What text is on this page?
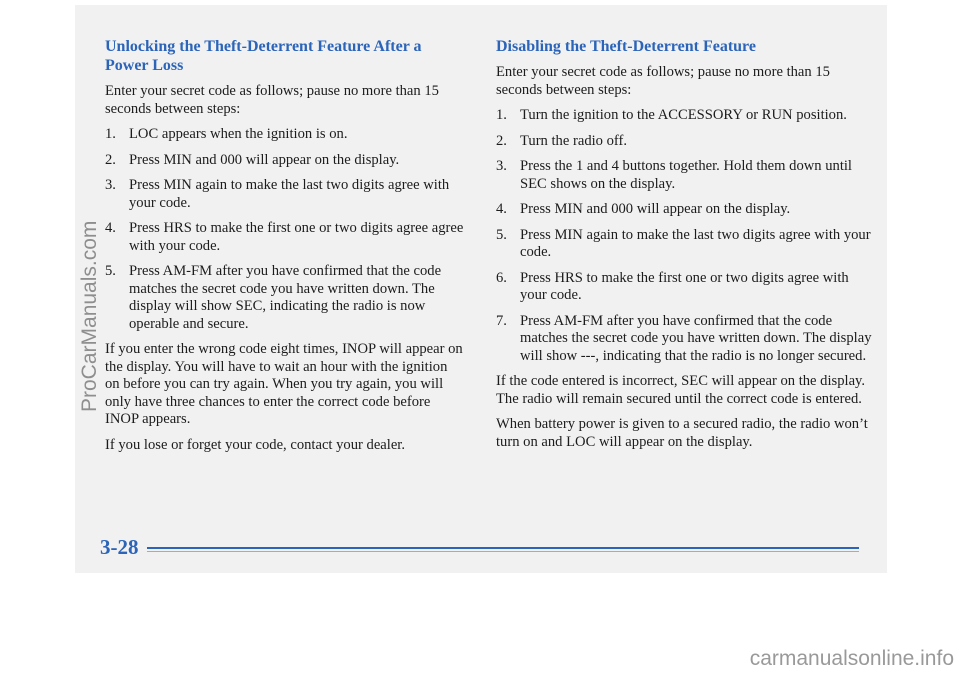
Unlocking the Theft-Deterrent Feature After a Power Loss

Enter your secret code as follows; pause no more than 15 seconds between steps:

1. LOC appears when the ignition is on.
2. Press MIN and 000 will appear on the display.
3. Press MIN again to make the last two digits agree with your code.
4. Press HRS to make the first one or two digits agree agree with your code.
5. Press AM-FM after you have confirmed that the code matches the secret code you have written down. The display will show SEC, indicating the radio is now operable and secure.

If you enter the wrong code eight times, INOP will appear on the display. You will have to wait an hour with the ignition on before you can try again. When you try again, you will only have three chances to enter the correct code before INOP appears.

If you lose or forget your code, contact your dealer.

Disabling the Theft-Deterrent Feature

Enter your secret code as follows; pause no more than 15 seconds between steps:

1. Turn the ignition to the ACCESSORY or RUN position.
2. Turn the radio off.
3. Press the 1 and 4 buttons together. Hold them down until SEC shows on the display.
4. Press MIN and 000 will appear on the display.
5. Press MIN again to make the last two digits agree with your code.
6. Press HRS to make the first one or two digits agree with your code.
7. Press AM-FM after you have confirmed that the code matches the secret code you have written down. The display will show ---, indicating that the radio is no longer secured.

If the code entered is incorrect, SEC will appear on the display. The radio will remain secured until the correct code is entered.

When battery power is given to a secured radio, the radio won’t turn on and LOC will appear on the display.

3-28
ProCarManuals.com
carmanualsonline.info
